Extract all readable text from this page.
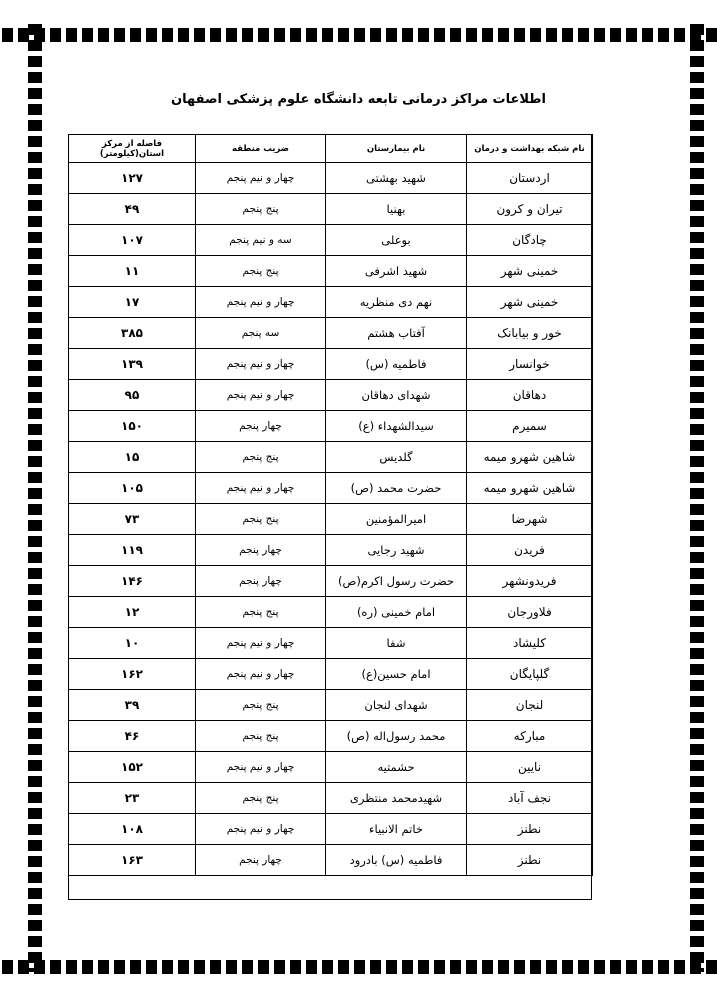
اطلاعات مراکز درمانی تابعه دانشگاه علوم پزشکی اصفهان
نام شبکه بهداشت و درمان	نام بیمارستان	ضریب منطقه	فاصله از مرکز استان(کیلومتر)
اردستان	شهید بهشتی	چهار و نیم پنجم	۱۲۷
تیران و کرون	بهنیا	پنج پنجم	۴۹
چادگان	بوعلی	سه و نیم پنجم	۱۰۷
خمینی شهر	شهید اشرفی	پنج پنجم	۱۱
خمینی شهر	نهم دی منظریه	چهار و نیم پنجم	۱۷
خور و بیابانک	آفتاب هشتم	سه پنجم	۳۸۵
خوانسار	فاطمیه (س)	چهار و نیم پنجم	۱۳۹
دهاقان	شهدای دهاقان	چهار و نیم پنجم	۹۵
سمیرم	سیدالشهداء (ع)	چهار پنجم	۱۵۰
شاهین شهرو میمه	گلدیس	پنج پنجم	۱۵
شاهین شهرو میمه	حضرت محمد (ص)	چهار و نیم پنجم	۱۰۵
شهرضا	امیرالمؤمنین	پنج پنجم	۷۳
فریدن	شهید رجایی	چهار پنجم	۱۱۹
فریدونشهر	حضرت رسول اکرم(ص)	چهار پنجم	۱۴۶
فلاورجان	امام خمینی (ره)	پنج پنجم	۱۲
کلیشاد	شفا	چهار و نیم پنجم	۱۰
گلپایگان	امام حسین(ع)	چهار و نیم پنجم	۱۶۲
لنجان	شهدای لنجان	پنج پنجم	۳۹
مبارکه	محمد رسول‌اله (ص)	پنج پنجم	۴۶
نایین	حشمتیه	چهار و نیم پنجم	۱۵۲
نجف آباد	شهیدمحمد منتظری	پنج پنجم	۲۳
نطنز	خاتم الانبیاء	چهار و نیم پنجم	۱۰۸
نطنز	فاطمیه (س) بادرود	چهار پنجم	۱۶۳
